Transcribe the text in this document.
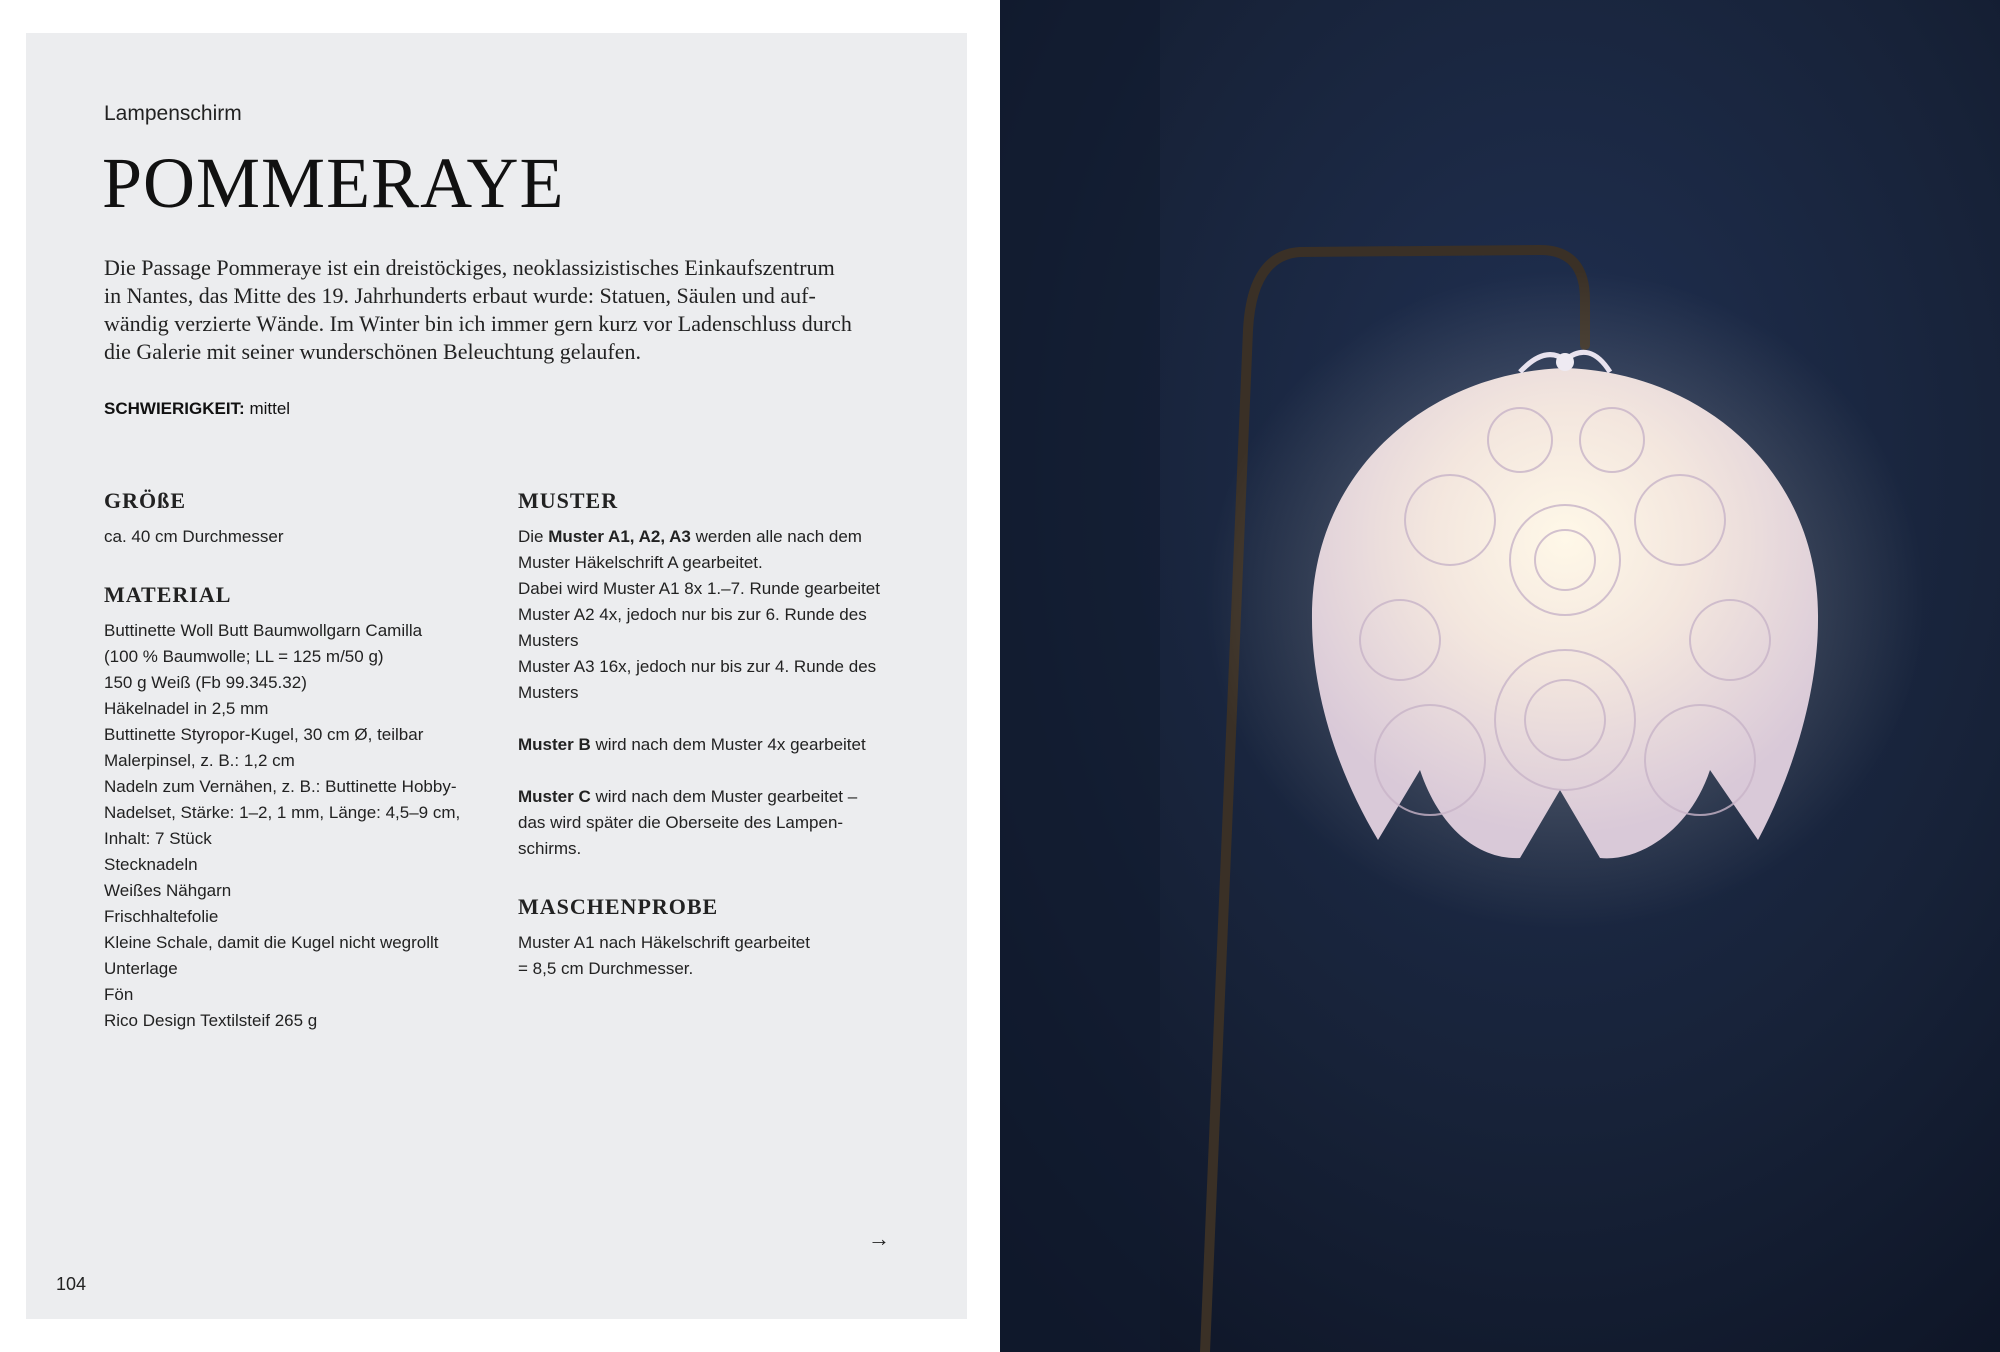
Lampenschirm
POMMERAYE

Die Passage Pommeraye ist ein dreistöckiges, neoklassizistisches Einkaufszentrum
in Nantes, das Mitte des 19. Jahrhunderts erbaut wurde: Statuen, Säulen und auf-
wändig verzierte Wände. Im Winter bin ich immer gern kurz vor Ladenschluss durch
die Galerie mit seiner wunderschönen Beleuchtung gelaufen.

SCHWIERIGKEIT: mittel
GRÖßE
ca. 40 cm Durchmesser
MATERIAL
Buttinette Woll Butt Baumwollgarn Camilla
(100 % Baumwolle; LL = 125 m/50 g)
150 g Weiß (Fb 99.345.32)
Häkelnadel in 2,5 mm
Buttinette Styropor-Kugel, 30 cm Ø, teilbar
Malerpinsel, z. B.: 1,2 cm
Nadeln zum Vernähen, z. B.: Buttinette Hobby-
Nadelset, Stärke: 1–2, 1 mm, Länge: 4,5–9 cm,
Inhalt: 7 Stück
Stecknadeln
Weißes Nähgarn
Frischhaltefolie
Kleine Schale, damit die Kugel nicht wegrollt
Unterlage
Fön
Rico Design Textilsteif 265 g
MUSTER
Die Muster A1, A2, A3 werden alle nach dem
Muster Häkelschrift A gearbeitet.
Dabei wird Muster A1 8x 1.–7. Runde gearbeitet
Muster A2 4x, jedoch nur bis zur 6. Runde des
Musters
Muster A3 16x, jedoch nur bis zur 4. Runde des
Musters
Muster B wird nach dem Muster 4x gearbeitet
Muster C wird nach dem Muster gearbeitet –
das wird später die Oberseite des Lampen-
schirms.
MASCHENPROBE
Muster A1 nach Häkelschrift gearbeitet
= 8,5 cm Durchmesser.
→
104
